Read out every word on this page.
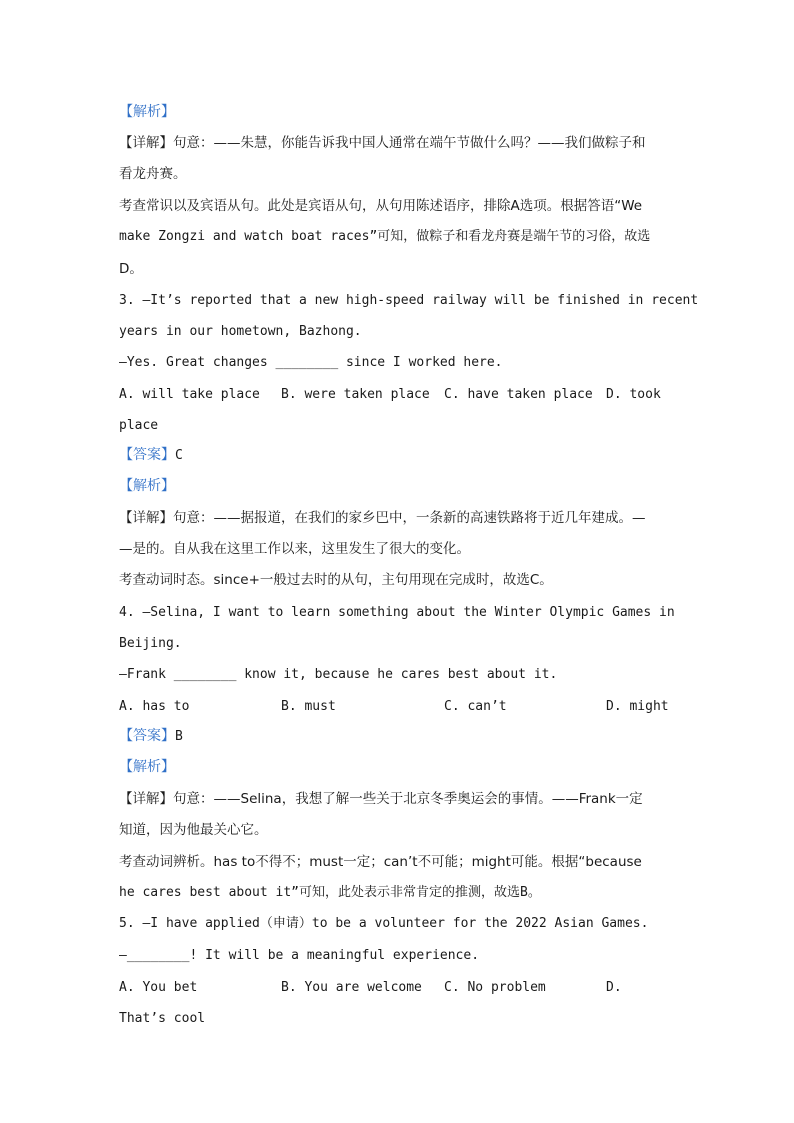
【解析】
【详解】句意：——朱慧，你能告诉我中国人通常在端午节做什么吗？——我们做粽子和
看龙舟赛。
考查常识以及宾语从句。此处是宾语从句，从句用陈述语序，排除A选项。根据答语“We
make Zongzi and watch boat races”可知，做粽子和看龙舟赛是端午节的习俗，故选
D。
3. —It’s reported that a new high-speed railway will be finished in recent
years in our hometown, Bazhong.
—Yes. Great changes ________ since I worked here.
A. will take place B. were taken place C. have taken place D. took
place
【答案】C
【解析】
【详解】句意：——据报道，在我们的家乡巴中，一条新的高速铁路将于近几年建成。—
—是的。自从我在这里工作以来，这里发生了很大的变化。
考查动词时态。since+一般过去时的从句，主句用现在完成时，故选C。
4. —Selina, I want to learn something about the Winter Olympic Games in
Beijing.
—Frank ________ know it, because he cares best about it.
A. has to	B. must	C. can’t	D. might
【答案】B
【解析】
【详解】句意：——Selina，我想了解一些关于北京冬季奥运会的事情。——Frank一定
知道，因为他最关心它。
考查动词辨析。has to不得不；must一定；can’t不可能；might可能。根据“because
he cares best about it”可知，此处表示非常肯定的推测，故选B。
5. —I have applied（申请）to be a volunteer for the 2022 Asian Games.
—________! It will be a meaningful experience.
A. You bet	B. You are welcome C. No problem	D.
That’s cool
